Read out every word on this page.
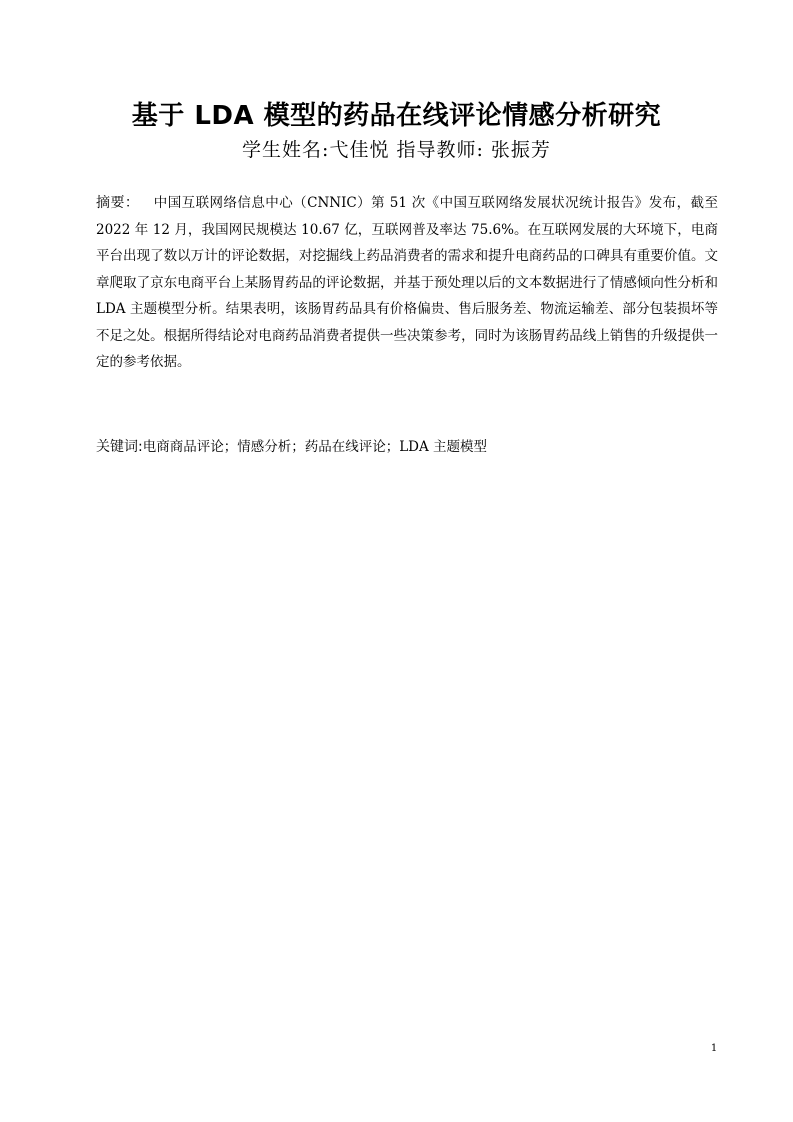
基于 LDA 模型的药品在线评论情感分析研究
学生姓名:弋佳悦 指导教师: 张振芳
摘要： 中国互联网络信息中心（CNNIC）第 51 次《中国互联网络发展状况统计报告》发布，截至 2022 年 12 月，我国网民规模达 10.67 亿，互联网普及率达 75.6%。在互联网发展的大环境下，电商平台出现了数以万计的评论数据，对挖掘线上药品消费者的需求和提升电商药品的口碑具有重要价值。文章爬取了京东电商平台上某肠胃药品的评论数据，并基于预处理以后的文本数据进行了情感倾向性分析和 LDA 主题模型分析。结果表明，该肠胃药品具有价格偏贵、售后服务差、物流运输差、部分包装损坏等不足之处。根据所得结论对电商药品消费者提供一些决策参考，同时为该肠胃药品线上销售的升级提供一定的参考依据。
关键词:电商商品评论；情感分析；药品在线评论；LDA 主题模型
1
